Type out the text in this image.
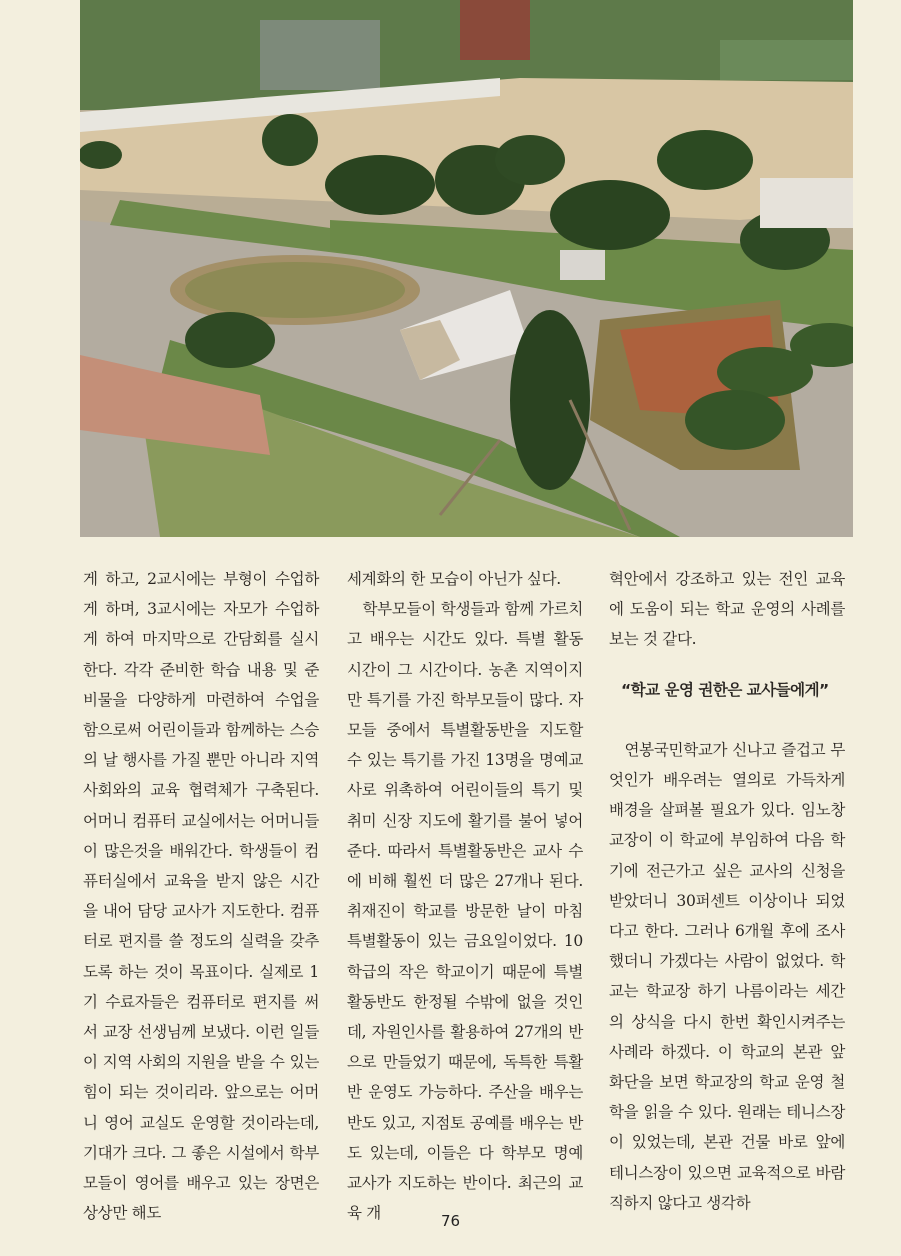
게 하고, 2교시에는 부형이 수업하게 하며, 3교시에는 자모가 수업하게 하여 마지막으로 간담회를 실시한다. 각각 준비한 학습 내용 및 준비물을 다양하게 마련하여 수업을 함으로써 어린이들과 함께하는 스승의 날 행사를 가질 뿐만 아니라 지역 사회와의 교육 협력체가 구축된다. 어머니 컴퓨터 교실에서는 어머니들이 많은것을 배워간다. 학생들이 컴퓨터실에서 교육을 받지 않은 시간을 내어 담당 교사가 지도한다. 컴퓨터로 편지를 쓸 정도의 실력을 갖추도록 하는 것이 목표이다. 실제로 1기 수료자들은 컴퓨터로 편지를 써서 교장 선생님께 보냈다. 이런 일들이 지역 사회의 지원을 받을 수 있는 힘이 되는 것이리라. 앞으로는 어머니 영어 교실도 운영할 것이라는데, 기대가 크다. 그 좋은 시설에서 학부모들이 영어를 배우고 있는 장면은 상상만 해도

세계화의 한 모습이 아닌가 싶다.

학부모들이 학생들과 함께 가르치고 배우는 시간도 있다. 특별 활동 시간이 그 시간이다. 농촌 지역이지만 특기를 가진 학부모들이 많다. 자모들 중에서 특별활동반을 지도할 수 있는 특기를 가진 13명을 명예교사로 위촉하여 어린이들의 특기 및 취미 신장 지도에 활기를 불어 넣어 준다. 따라서 특별활동반은 교사 수에 비해 훨씬 더 많은 27개나 된다. 취재진이 학교를 방문한 날이 마침 특별활동이 있는 금요일이었다. 10학급의 작은 학교이기 때문에 특별활동반도 한정될 수밖에 없을 것인데, 자원인사를 활용하여 27개의 반으로 만들었기 때문에, 독특한 특활반 운영도 가능하다. 주산을 배우는 반도 있고, 지점토 공예를 배우는 반도 있는데, 이들은 다 학부모 명예 교사가 지도하는 반이다. 최근의 교육 개

혁안에서 강조하고 있는 전인 교육에 도움이 되는 학교 운영의 사례를 보는 것 같다.

“학교 운영 권한은 교사들에게”

연봉국민학교가 신나고 즐겁고 무엇인가 배우려는 열의로 가득차게 배경을 살펴볼 필요가 있다. 임노창 교장이 이 학교에 부임하여 다음 학기에 전근가고 싶은 교사의 신청을 받았더니 30퍼센트 이상이나 되었다고 한다. 그러나 6개월 후에 조사했더니 가겠다는 사람이 없었다. 학교는 학교장 하기 나름이라는 세간의 상식을 다시 한번 확인시켜주는 사례라 하겠다. 이 학교의 본관 앞 화단을 보면 학교장의 학교 운영 철학을 읽을 수 있다. 원래는 테니스장이 있었는데, 본관 건물 바로 앞에 테니스장이 있으면 교육적으로 바람직하지 않다고 생각하

76
